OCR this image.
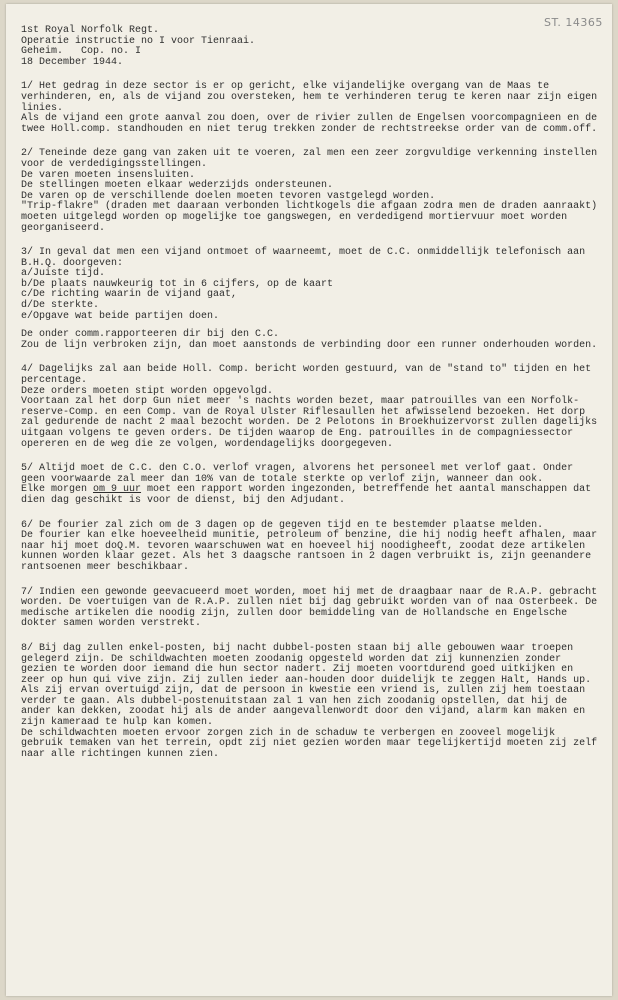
ST. 14365

1st Royal Norfolk Regt.

Operatie instructie no I voor Tienraai.

Geheim. Cop. no. I

18 December 1944.

1/ Het gedrag in deze sector is er op gericht, elke vijandelijke overgang van de Maas te verhinderen, en, als de vijand zou oversteken, hem te verhinderen terug te keren naar zijn eigen linies.

Als de vijand een grote aanval zou doen, over de rivier zullen de Engelsen voorcompagnieen en de twee Holl.comp. standhouden en niet terug trekken zonder de rechtstreekse order van de comm.off.

2/ Teneinde deze gang van zaken uit te voeren, zal men een zeer zorgvuldige verkenning instellen voor de verdedigingsstellingen.

De varen moeten insensluiten.

De stellingen moeten elkaar wederzijds ondersteunen.

De varen op de verschillende doelen moeten tevoren vastgelegd worden.

"Trip-flakre" (draden met daaraan verbonden lichtkogels die afgaan zodra men de draden aanraakt) moeten uitgelegd worden op mogelijke toe gangswegen, en verdedigend mortiervuur moet worden georganiseerd.

3/ In geval dat men een vijand ontmoet of waarneemt, moet de C.C. onmiddellijk telefonisch aan B.H.Q. doorgeven:

a/Juiste tijd.

b/De plaats nauwkeurig tot in 6 cijfers, op de kaart

c/De richting waarin de vijand gaat,

d/De sterkte.

e/Opgave wat beide partijen doen.

De onder comm.rapporteeren dir bij den C.C.

Zou de lijn verbroken zijn, dan moet aanstonds de verbinding door een runner onderhouden worden.

4/ Dagelijks zal aan beide Holl. Comp. bericht worden gestuurd, van de "stand to" tijden en het percentage.

Deze orders moeten stipt worden opgevolgd.

Voortaan zal het dorp Gun niet meer 's nachts worden bezet, maar patrouilles van een Norfolk-reserve-Comp. en een Comp. van de Royal Ulster Riflesaullen het afwisselend bezoeken. Het dorp zal gedurende de nacht 2 maal bezocht worden. De 2 Pelotons in Broekhuizervorst zullen dagelijks uitgaan volgens te geven orders. De tijden waarop de Eng. patrouilles in de compagniessector opereren en de weg die ze volgen, wordendagelijks doorgegeven.

5/ Altijd moet de C.C. den C.O. verlof vragen, alvorens het personeel met verlof gaat. Onder geen voorwaarde zal meer dan 10% van de totale sterkte op verlof zijn, wanneer dan ook.

Elke morgen om 9 uur moet een rapport worden ingezonden, betreffende het aantal manschappen dat dien dag geschikt is voor de dienst, bij den Adjudant.

6/ De fourier zal zich om de 3 dagen op de gegeven tijd en te bestemder plaatse melden.

De fourier kan elke hoeveelheid munitie, petroleum of benzine, die hij nodig heeft afhalen, maar naar hij moet doQ.M. tevoren waarschuwen wat en hoeveel hij noodigheeft, zoodat deze artikelen kunnen worden klaar gezet. Als het 3 daagsche rantsoen in 2 dagen verbruikt is, zijn geenandere rantsoenen meer beschikbaar.

7/ Indien een gewonde geevacueerd moet worden, moet hij met de draagbaar naar de R.A.P. gebracht worden. De voertuigen van de R.A.P. zullen niet bij dag gebruikt worden van of naa Osterbeek. De medische artikelen die noodig zijn, zullen door bemiddeling van de Hollandsche en Engelsche dokter samen worden verstrekt.

8/ Bij dag zullen enkel-posten, bij nacht dubbel-posten staan bij alle gebouwen waar troepen gelegerd zijn. De schildwachten moeten zoodanig opgesteld worden dat zij kunnenzien zonder gezien te worden door iemand die hun sector nadert. Zij moeten voortdurend goed uitkijken en zeer op hun qui vive zijn. Zij zullen ieder aan-houden door duidelijk te zeggen Halt, Hands up.

Als zij ervan overtuigd zijn, dat de persoon in kwestie een vriend is, zullen zij hem toestaan verder te gaan. Als dubbel-postenuitstaan zal 1 van hen zich zoodanig opstellen, dat hij de ander kan dekken, zoodat hij als de ander aangevallenwordt door den vijand, alarm kan maken en zijn kameraad te hulp kan komen.

De schildwachten moeten ervoor zorgen zich in de schaduw te verbergen en zooveel mogelijk gebruik temaken van het terrein, opdt zij niet gezien worden maar tegelijkertijd moeten zij zelf naar alle richtingen kunnen zien.
